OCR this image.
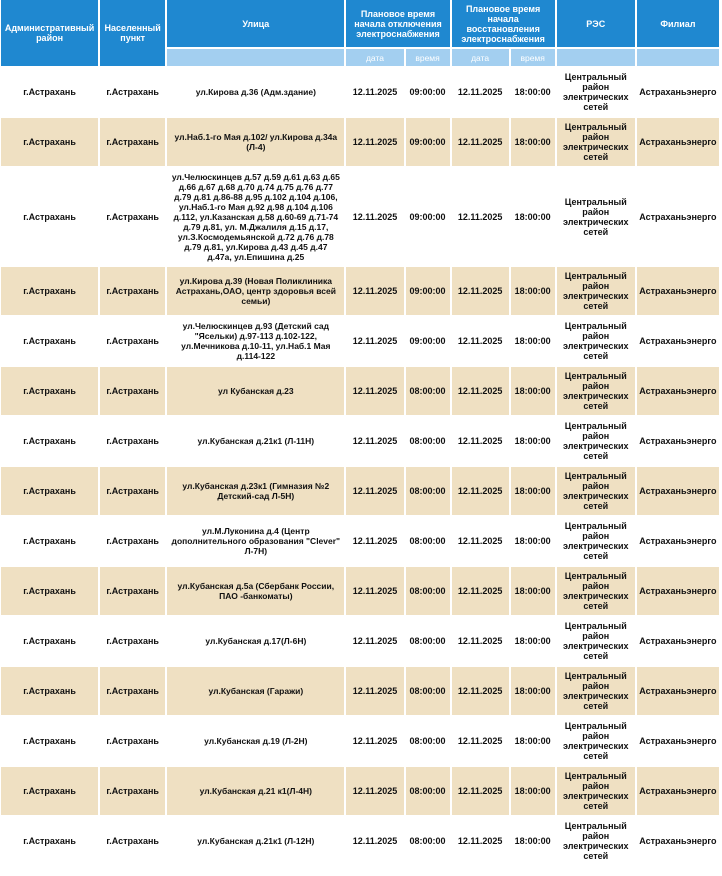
Административный район	Населенный пункт	Улица	Плановое время начала отключения электроснабжения		Плановое время начала восстановления электроснабжения		РЭС	Филиал
			дата	время	дата	время		
г.Астрахань	г.Астрахань	ул.Кирова д.36 (Адм.здание)	12.11.2025	09:00:00	12.11.2025	18:00:00	Центральный район электрических сетей	Астраханьэнерго
г.Астрахань	г.Астрахань	ул.Наб.1-го Мая д.102/ ул.Кирова д.34а (Л-4)	12.11.2025	09:00:00	12.11.2025	18:00:00	Центральный район электрических сетей	Астраханьэнерго
г.Астрахань	г.Астрахань	ул.Челюскинцев д.57 д.59 д.61 д.63 д.65 д.66 д.67 д.68 д.70 д.74 д.75 д.76 д.77 д.79 д.81 д.86-88 д.95 д.102 д.104 д.106, ул.Наб.1-го Мая д.92 д.98 д.104 д.106 д.112, ул.Казанская д.58 д.60-69 д.71-74 д.79 д.81, ул. М.Джалиля д.15 д.17, ул.З.Космодемьянской д.72 д.76 д.78 д.79 д.81, ул.Кирова д.43 д.45 д.47 д.47а, ул.Епишина д.25	12.11.2025	09:00:00	12.11.2025	18:00:00	Центральный район электрических сетей	Астраханьэнерго
г.Астрахань	г.Астрахань	ул.Кирова д.39 (Новая Поликлиника Астрахань,ОАО, центр здоровья всей семьи)	12.11.2025	09:00:00	12.11.2025	18:00:00	Центральный район электрических сетей	Астраханьэнерго
г.Астрахань	г.Астрахань	ул.Челюскинцев д.93 (Детский сад "Ясельки) д.97-113 д.102-122, ул.Мечникова д.10-11, ул.Наб.1 Мая д.114-122	12.11.2025	09:00:00	12.11.2025	18:00:00	Центральный район электрических сетей	Астраханьэнерго
г.Астрахань	г.Астрахань	ул Кубанская д.23	12.11.2025	08:00:00	12.11.2025	18:00:00	Центральный район электрических сетей	Астраханьэнерго
г.Астрахань	г.Астрахань	ул.Кубанская д.21к1 (Л-11Н)	12.11.2025	08:00:00	12.11.2025	18:00:00	Центральный район электрических сетей	Астраханьэнерго
г.Астрахань	г.Астрахань	ул.Кубанская д.23к1 (Гимназия №2 Детский-сад Л-5Н)	12.11.2025	08:00:00	12.11.2025	18:00:00	Центральный район электрических сетей	Астраханьэнерго
г.Астрахань	г.Астрахань	ул.М.Луконина д.4 (Центр дополнительного образования "Clever" Л-7Н)	12.11.2025	08:00:00	12.11.2025	18:00:00	Центральный район электрических сетей	Астраханьэнерго
г.Астрахань	г.Астрахань	ул.Кубанская д.5а (Сбербанк России, ПАО -банкоматы)	12.11.2025	08:00:00	12.11.2025	18:00:00	Центральный район электрических сетей	Астраханьэнерго
г.Астрахань	г.Астрахань	ул.Кубанская д.17(Л-6Н)	12.11.2025	08:00:00	12.11.2025	18:00:00	Центральный район электрических сетей	Астраханьэнерго
г.Астрахань	г.Астрахань	ул.Кубанская (Гаражи)	12.11.2025	08:00:00	12.11.2025	18:00:00	Центральный район электрических сетей	Астраханьэнерго
г.Астрахань	г.Астрахань	ул.Кубанская д.19 (Л-2Н)	12.11.2025	08:00:00	12.11.2025	18:00:00	Центральный район электрических сетей	Астраханьэнерго
г.Астрахань	г.Астрахань	ул.Кубанская д.21 к1(Л-4Н)	12.11.2025	08:00:00	12.11.2025	18:00:00	Центральный район электрических сетей	Астраханьэнерго
г.Астрахань	г.Астрахань	ул.Кубанская д.21к1 (Л-12Н)	12.11.2025	08:00:00	12.11.2025	18:00:00	Центральный район электрических сетей	Астраханьэнерго
